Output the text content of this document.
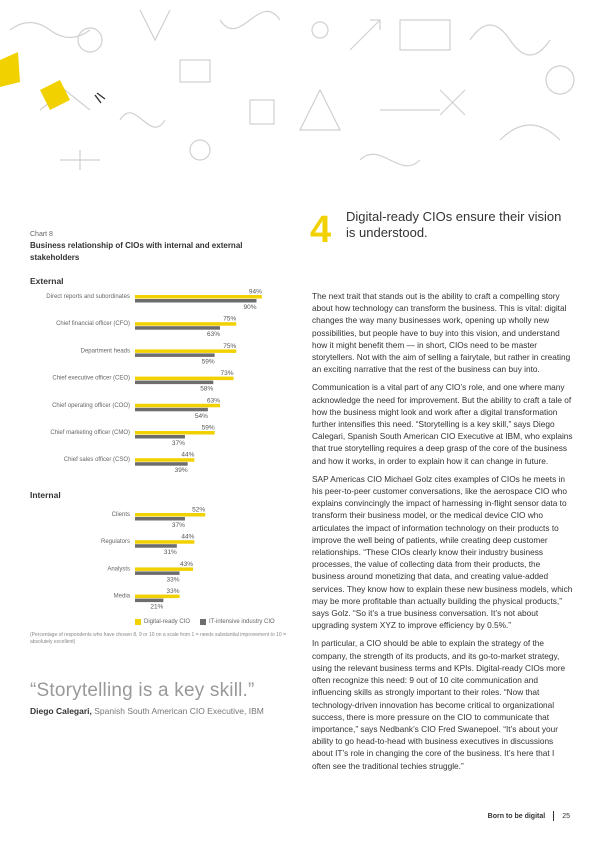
Chart 8
Business relationship of CIOs with internal and external stakeholders
External
Internal
Direct reports and subordinates
94%
90%
Chief financial officer (CFO)
75%
63%
Department heads
75%
59%
Chief executive officer (CEO)
73%
58%
Chief operating officer (COO)
63%
54%
Chief marketing officer (CMO)
59%
37%
Chief sales officer (CSO)
44%
39%
Clients
52%
37%
Regulators
44%
31%
Analysts
43%
33%
Media
33%
21%
Digital-ready CIO	IT-intensive industry CIO
(Percentage of respondents who have chosen 8, 9 or 10 on a scale from 1 = needs substantial improvement to 10 = absolutely excellent)
“Storytelling is a key skill.”
Diego Calegari, Spanish South American CIO Executive, IBM
4 Digital-ready CIOs ensure their vision is understood.

The next trait that stands out is the ability to craft a compelling story about how technology can transform the business. This is vital: digital changes the way many businesses work, opening up wholly new possibilities, but people have to buy into this vision, and understand how it might benefit them — in short, CIOs need to be master storytellers. Not with the aim of selling a fairytale, but rather in creating an exciting narrative that the rest of the business can buy into.

Communication is a vital part of any CIO’s role, and one where many acknowledge the need for improvement. But the ability to craft a tale of how the business might look and work after a digital transformation further intensifies this need. “Storytelling is a key skill,” says Diego Calegari, Spanish South American CIO Executive at IBM, who explains that true storytelling requires a deep grasp of the core of the business and how it works, in order to explain how it can change in future.

SAP Americas CIO Michael Golz cites examples of CIOs he meets in his peer-to-peer customer conversations, like the aerospace CIO who explains convincingly the impact of harnessing in-flight sensor data to transform their business model, or the medical device CIO who articulates the impact of information technology on their products to improve the well being of patients, while creating deep customer relationships. “These CIOs clearly know their industry business processes, the value of collecting data from their products, the business around monetizing that data, and creating value-added services. They know how to explain these new business models, which may be more profitable than actually building the physical products,” says Golz. “So it’s a true business conversation. It’s not about upgrading system XYZ to improve efficiency by 0.5%.”

In particular, a CIO should be able to explain the strategy of the company, the strength of its products, and its go-to-market strategy, using the relevant business terms and KPIs. Digital-ready CIOs more often recognize this need: 9 out of 10 cite communication and influencing skills as strongly important to their roles. “Now that technology-driven innovation has become critical to organizational success, there is more pressure on the CIO to communicate that importance,” says Nedbank’s CIO Fred Swanepoel. “It’s about your ability to go head-to-head with business executives in discussions about IT’s role in changing the core of the business. It’s here that I often see the traditional techies struggle.”

Born to be digital 25
